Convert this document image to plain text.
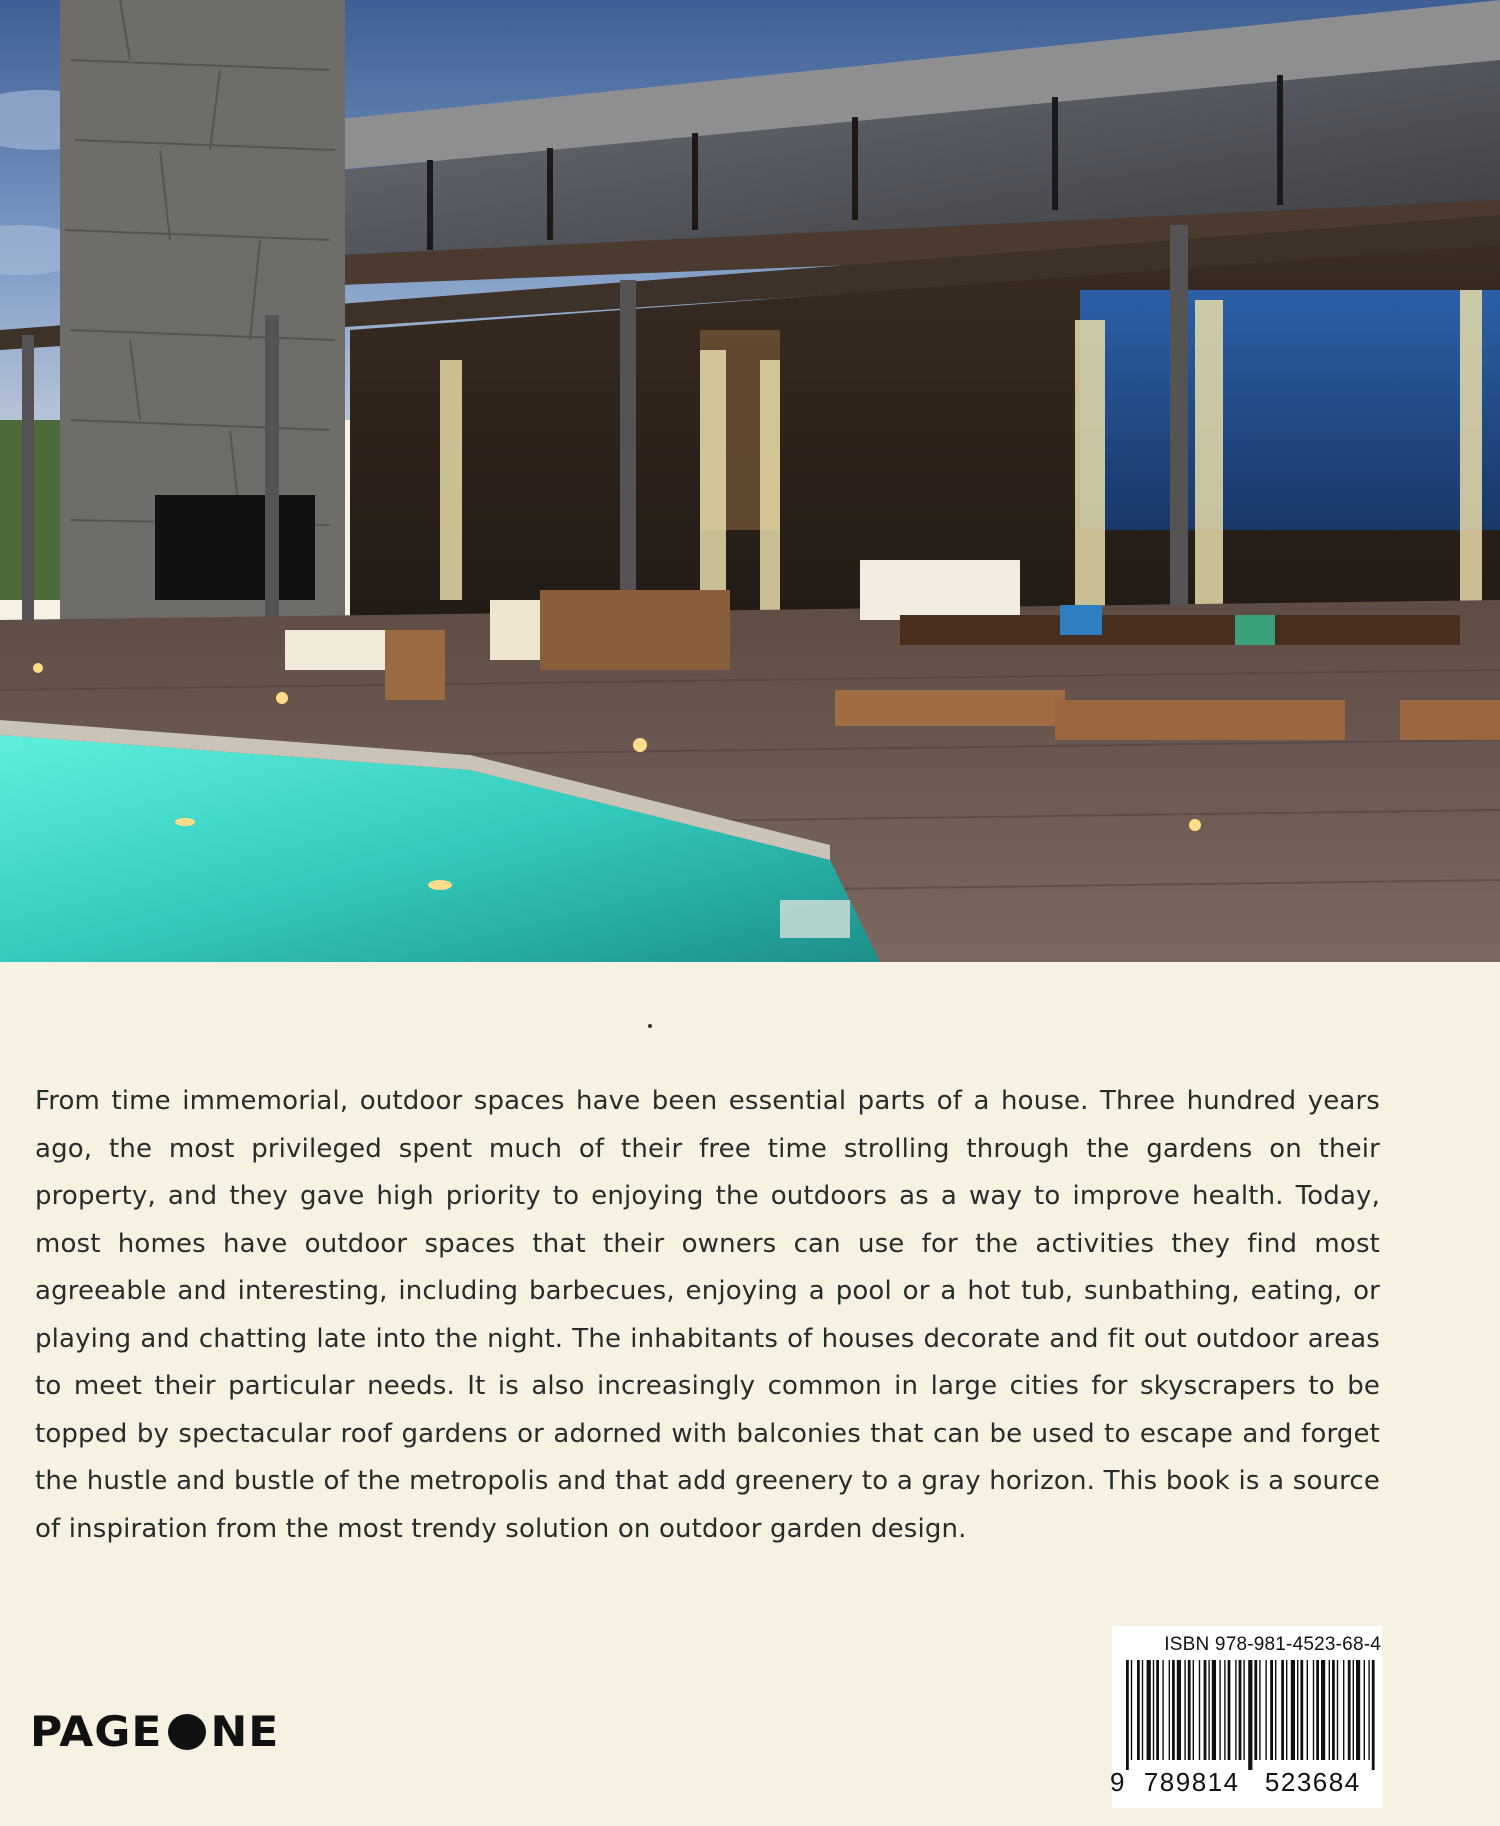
From time immemorial, outdoor spaces have been essential parts of a house. Three hundred years ago, the most privileged spent much of their free time strolling through the gardens on their property, and they gave high priority to enjoying the outdoors as a way to improve health. Today, most homes have outdoor spaces that their owners can use for the activities they find most agreeable and interesting, including barbecues, enjoying a pool or a hot tub, sunbathing, eating, or playing and chatting late into the night. The inhabitants of houses decorate and fit out outdoor areas to meet their particular needs. It is also increasingly common in large cities for skyscrapers to be topped by spectacular roof gardens or adorned with balconies that can be used to escape and forget the hustle and bustle of the metropolis and that add greenery to a gray horizon. This book is a source of inspiration from the most trendy solution on outdoor garden design.

PAGE NE
ISBN 978-981-4523-68-4
9 789814 523684
